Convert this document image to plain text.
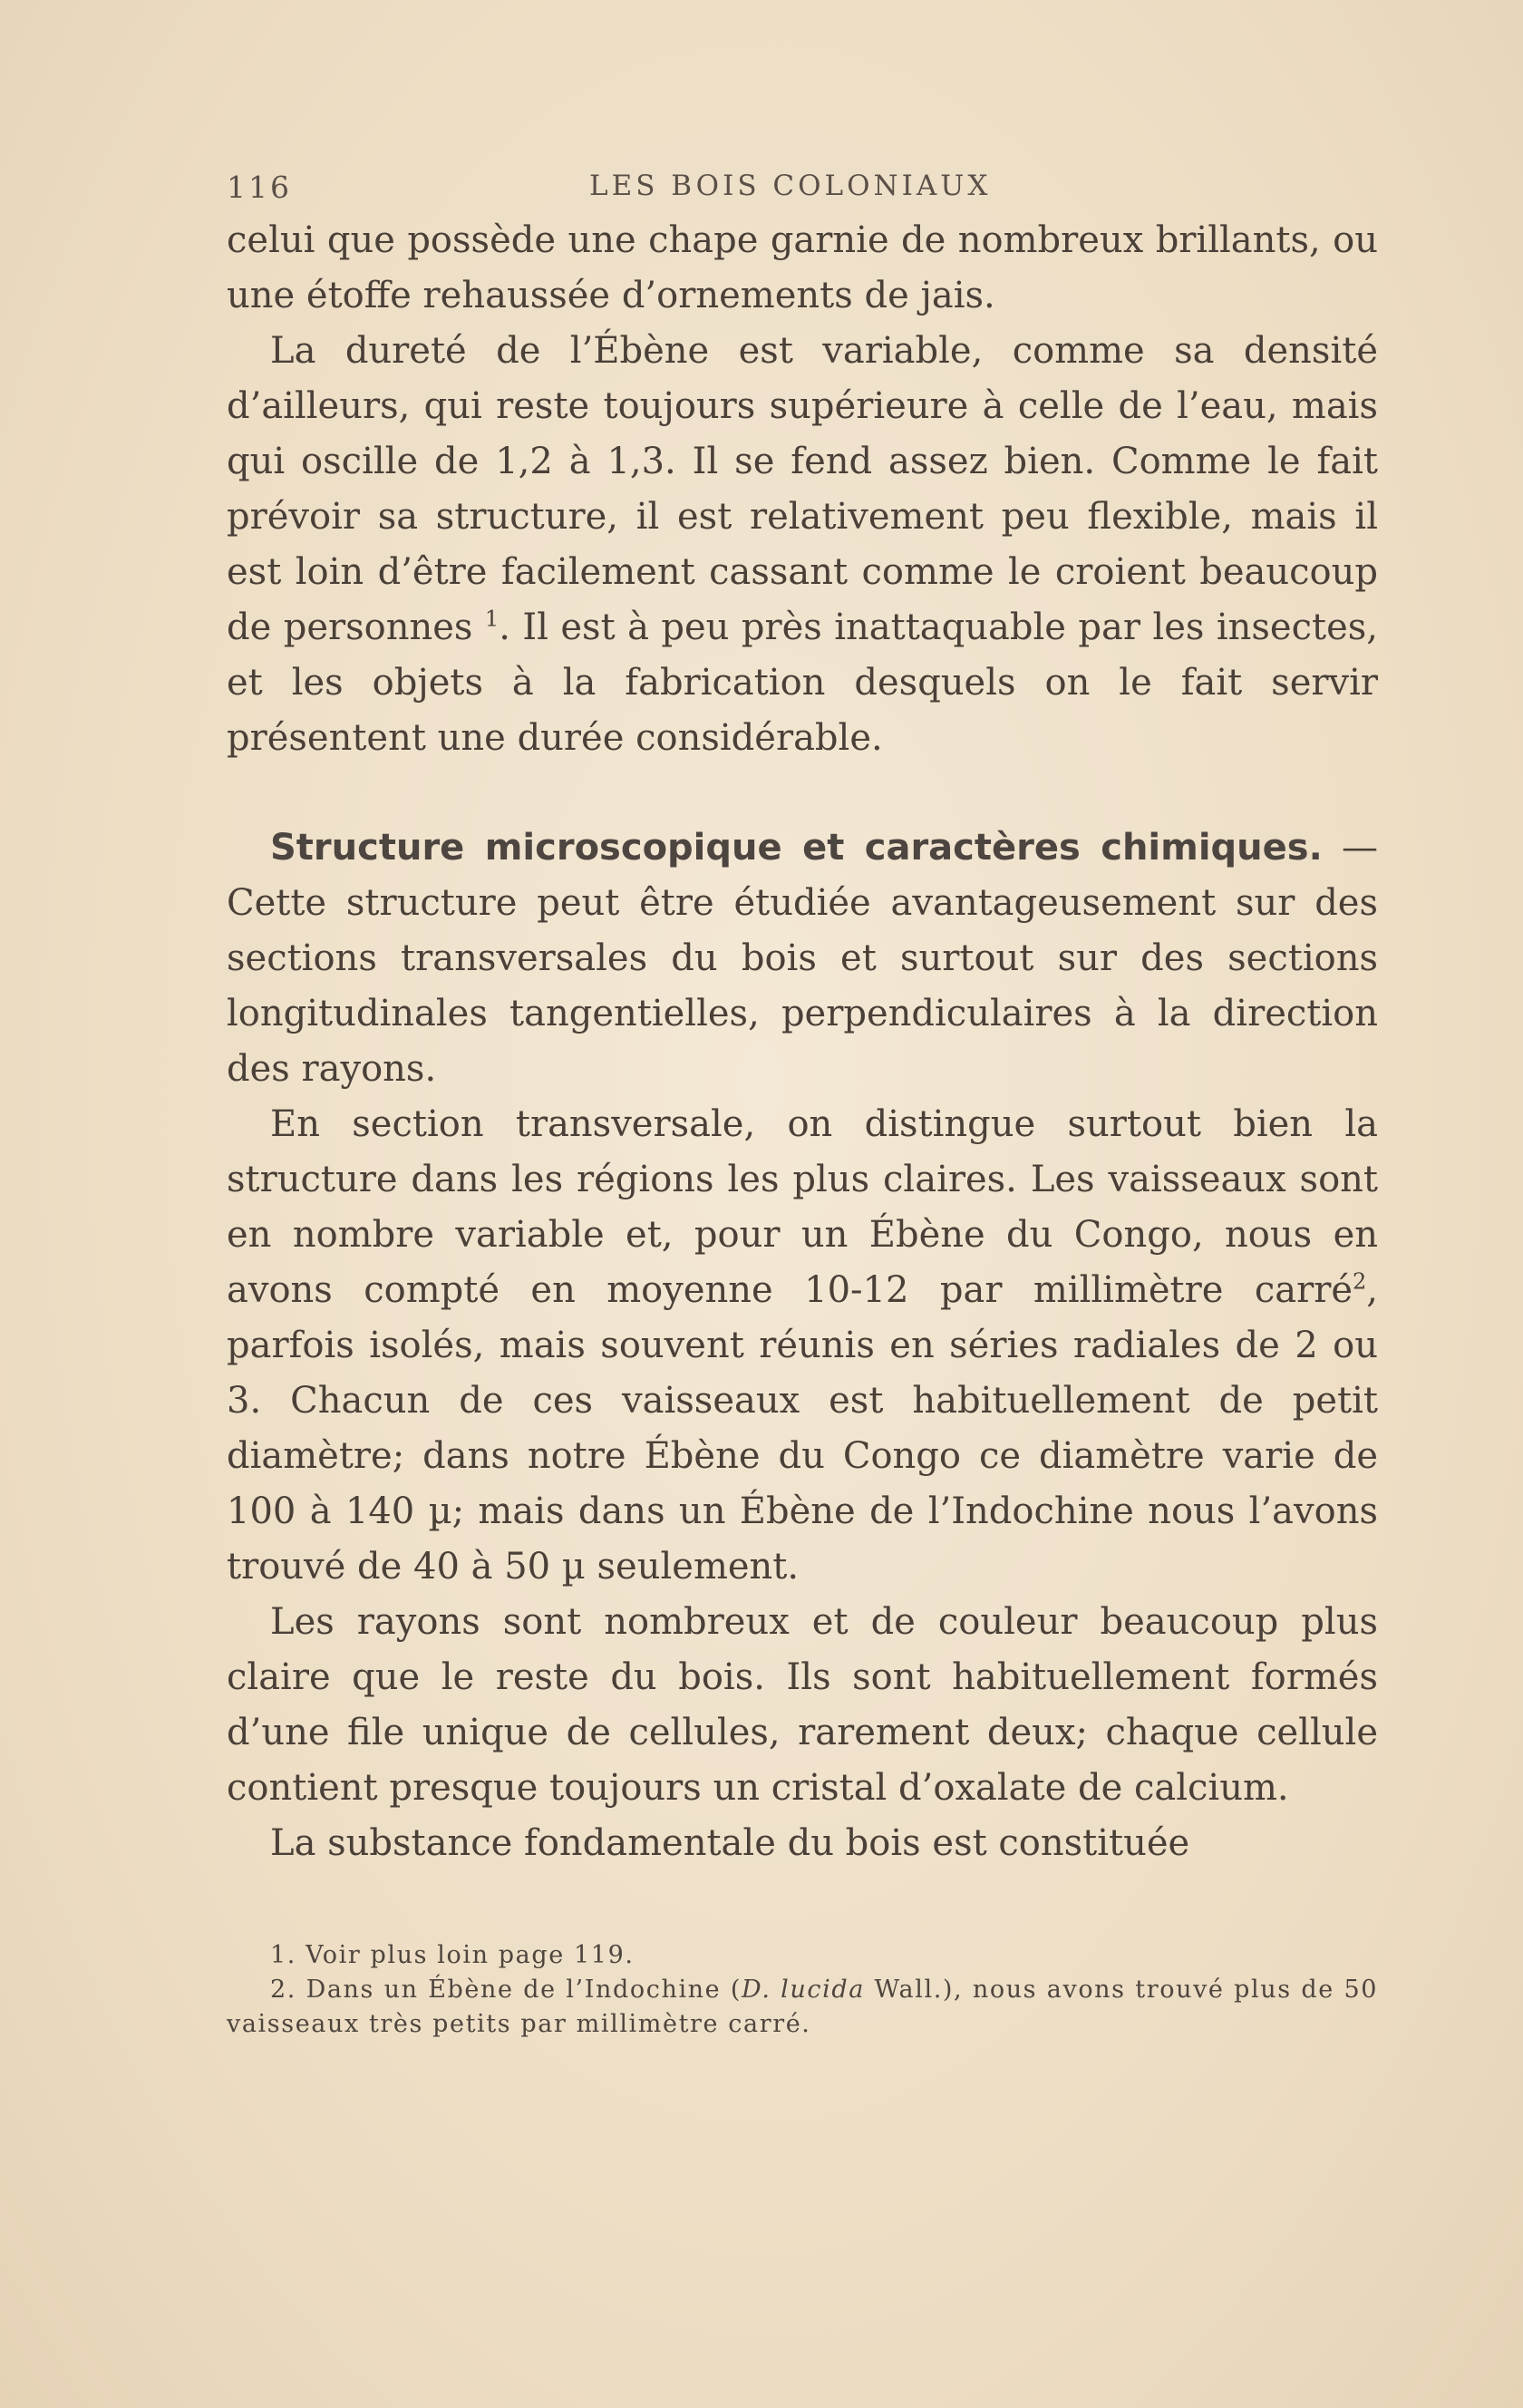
116	LES BOIS COLONIAUX

celui que possède une chape garnie de nombreux brillants, ou une étoffe rehaussée d’ornements de jais.

La dureté de l’Ébène est variable, comme sa densité d’ailleurs, qui reste toujours supérieure à celle de l’eau, mais qui oscille de 1,2 à 1,3. Il se fend assez bien. Comme le fait prévoir sa structure, il est relativement peu flexible, mais il est loin d’être facilement cassant comme le croient beaucoup de personnes $^1$. Il est à peu près inattaquable par les insectes, et les objets à la fabrication desquels on le fait servir présentent une durée considérable.

Structure microscopique et caractères chimiques. — Cette structure peut être étudiée avantageusement sur des sections transversales du bois et surtout sur des sections longitudinales tangentielles, perpendiculaires à la direction des rayons.

En section transversale, on distingue surtout bien la structure dans les régions les plus claires. Les vaisseaux sont en nombre variable et, pour un Ébène du Congo, nous en avons compté en moyenne 10-12 par millimètre carré$^2$, parfois isolés, mais souvent réunis en séries radiales de 2 ou 3. Chacun de ces vaisseaux est habituellement de petit diamètre; dans notre Ébène du Congo ce diamètre varie de 100 à 140 µ; mais dans un Ébène de l’Indochine nous l’avons trouvé de 40 à 50 µ seulement.

Les rayons sont nombreux et de couleur beaucoup plus claire que le reste du bois. Ils sont habituellement formés d’une file unique de cellules, rarement deux; chaque cellule contient presque toujours un cristal d’oxalate de calcium.

La substance fondamentale du bois est constituée

1. Voir plus loin page 119.

2. Dans un Ébène de l’Indochine (D. lucida Wall.), nous avons trouvé plus de 50 vaisseaux très petits par millimètre carré.
